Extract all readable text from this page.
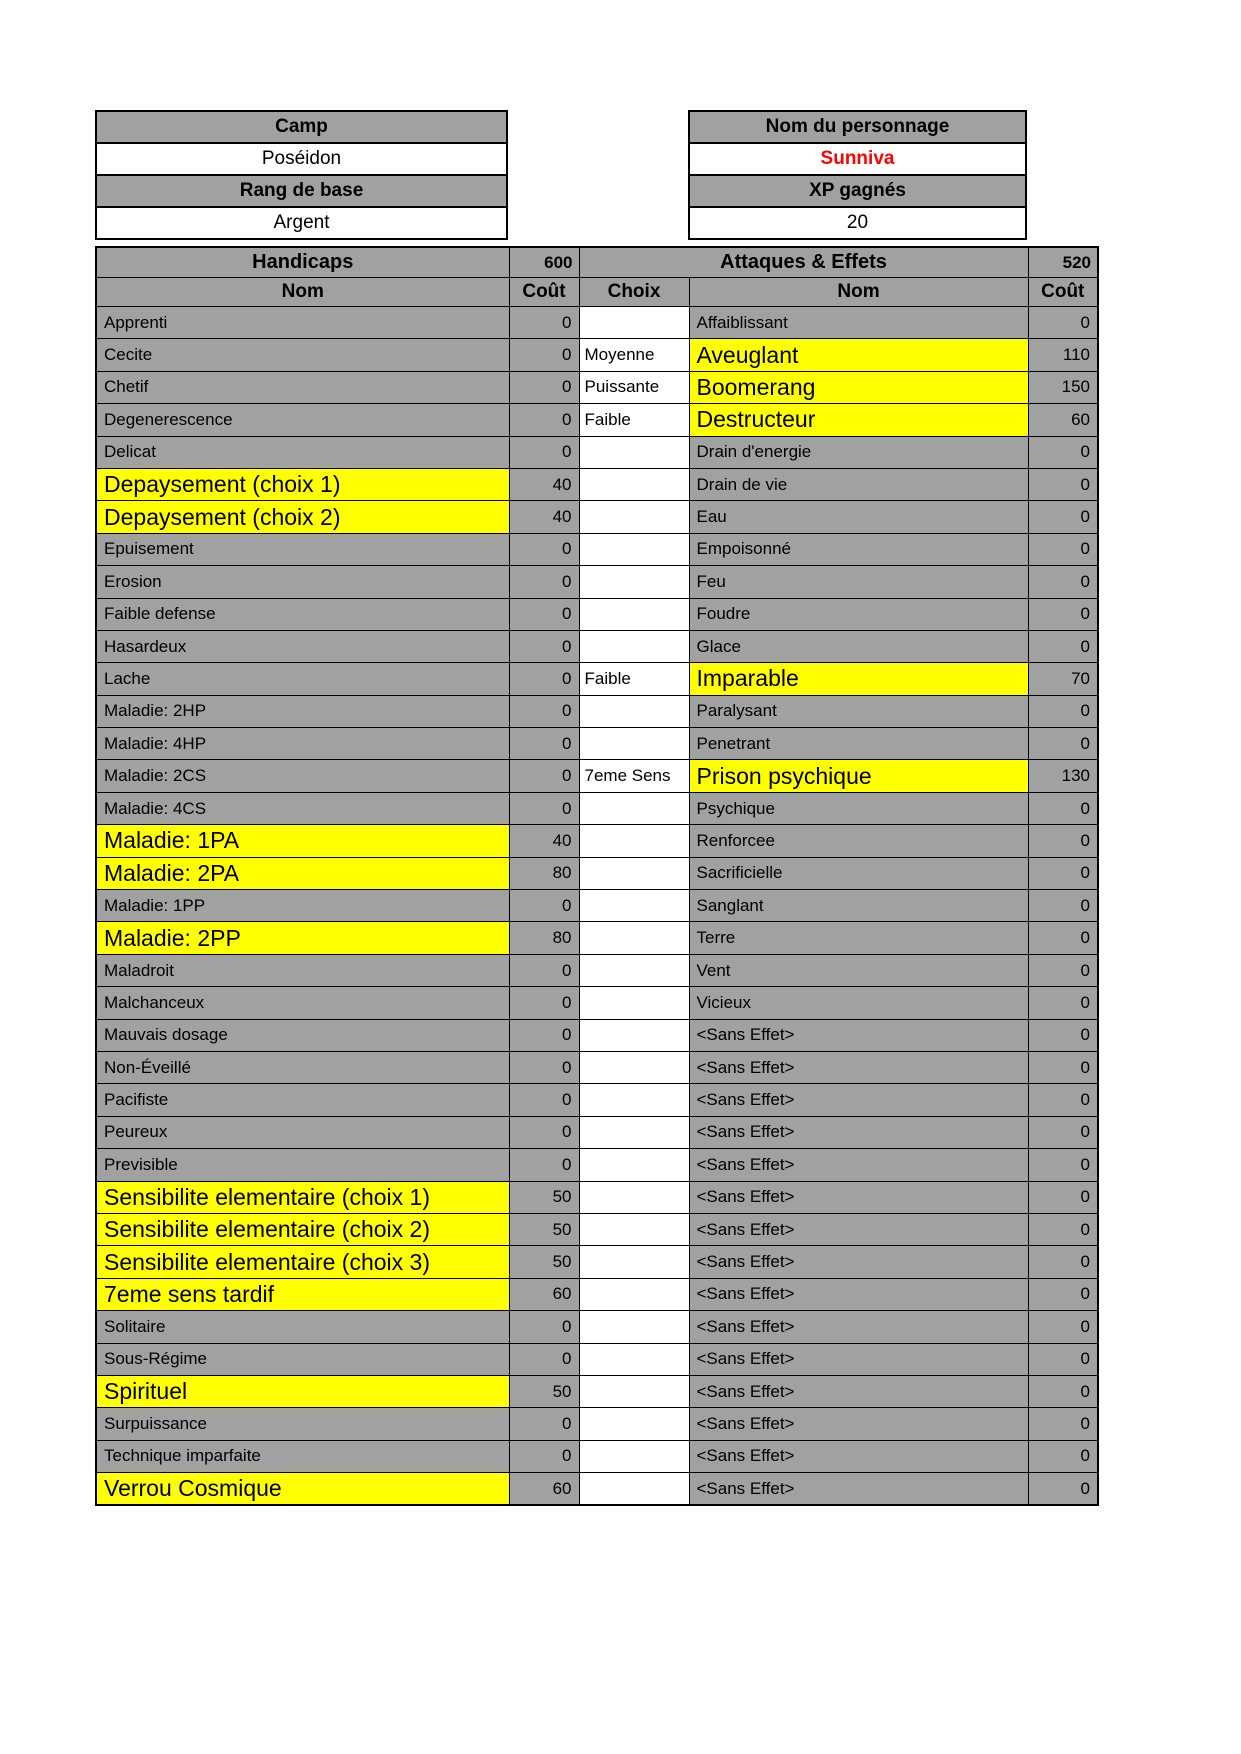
Camp
Poséidon
Rang de base
Argent
Nom du personnage
Sunniva
XP gagnés
20
Handicaps	600	Attaques & Effets		520
Nom	Coût	Choix	Nom	Coût
Apprenti	0		Affaiblissant	0
Cecite	0	Moyenne	Aveuglant	110
Chetif	0	Puissante	Boomerang	150
Degenerescence	0	Faible	Destructeur	60
Delicat	0		Drain d'energie	0
Depaysement (choix 1)	40		Drain de vie	0
Depaysement (choix 2)	40		Eau	0
Epuisement	0		Empoisonné	0
Erosion	0		Feu	0
Faible defense	0		Foudre	0
Hasardeux	0		Glace	0
Lache	0	Faible	Imparable	70
Maladie: 2HP	0		Paralysant	0
Maladie: 4HP	0		Penetrant	0
Maladie: 2CS	0	7eme Sens	Prison psychique	130
Maladie: 4CS	0		Psychique	0
Maladie: 1PA	40		Renforcee	0
Maladie: 2PA	80		Sacrificielle	0
Maladie: 1PP	0		Sanglant	0
Maladie: 2PP	80		Terre	0
Maladroit	0		Vent	0
Malchanceux	0		Vicieux	0
Mauvais dosage	0		<Sans Effet>	0
Non-Éveillé	0		<Sans Effet>	0
Pacifiste	0		<Sans Effet>	0
Peureux	0		<Sans Effet>	0
Previsible	0		<Sans Effet>	0
Sensibilite elementaire (choix 1)	50		<Sans Effet>	0
Sensibilite elementaire (choix 2)	50		<Sans Effet>	0
Sensibilite elementaire (choix 3)	50		<Sans Effet>	0
7eme sens tardif	60		<Sans Effet>	0
Solitaire	0		<Sans Effet>	0
Sous-Régime	0		<Sans Effet>	0
Spirituel	50		<Sans Effet>	0
Surpuissance	0		<Sans Effet>	0
Technique imparfaite	0		<Sans Effet>	0
Verrou Cosmique	60		<Sans Effet>	0
